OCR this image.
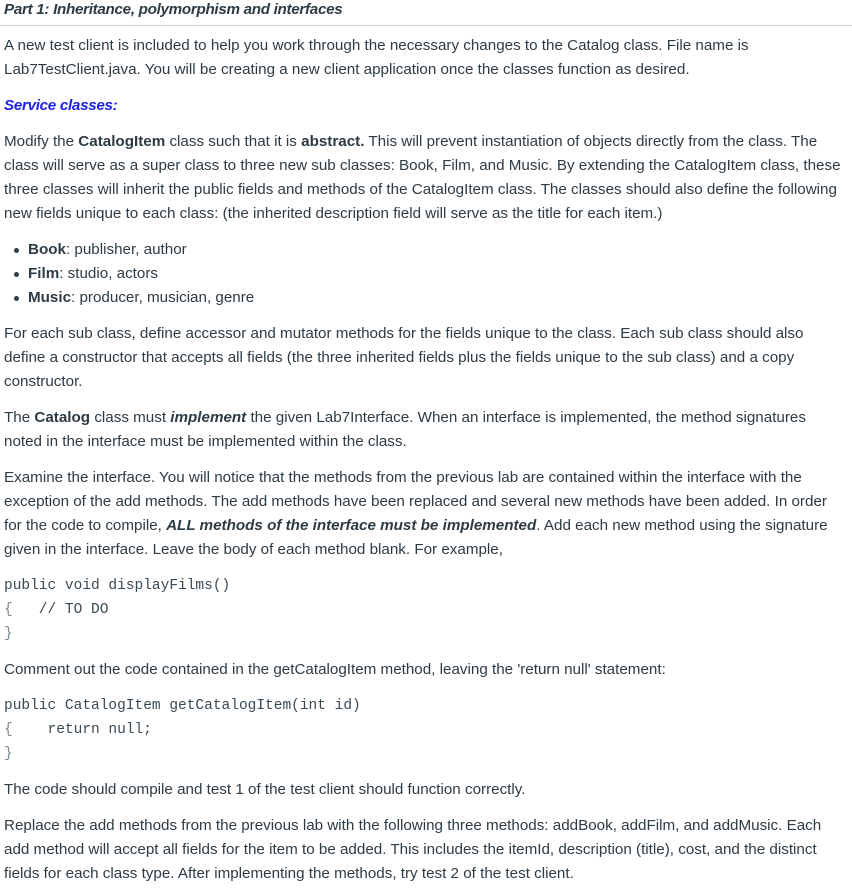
Part 1: Inheritance, polymorphism and interfaces

A new test client is included to help you work through the necessary changes to the Catalog class. File name is Lab7TestClient.java. You will be creating a new client application once the classes function as desired.

Service classes:

Modify the CatalogItem class such that it is abstract. This will prevent instantiation of objects directly from the class. The class will serve as a super class to three new sub classes: Book, Film, and Music. By extending the CatalogItem class, these three classes will inherit the public fields and methods of the CatalogItem class. The classes should also define the following new fields unique to each class: (the inherited description field will serve as the title for each item.)

Book: publisher, author
Film: studio, actors
Music: producer, musician, genre

For each sub class, define accessor and mutator methods for the fields unique to the class. Each sub class should also define a constructor that accepts all fields (the three inherited fields plus the fields unique to the sub class) and a copy constructor.

The Catalog class must implement the given Lab7Interface. When an interface is implemented, the method signatures noted in the interface must be implemented within the class.

Examine the interface. You will notice that the methods from the previous lab are contained within the interface with the exception of the add methods. The add methods have been replaced and several new methods have been added. In order for the code to compile, ALL methods of the interface must be implemented. Add each new method using the signature given in the interface. Leave the body of each method blank. For example,

public void displayFilms()
{   // TO DO
}

Comment out the code contained in the getCatalogItem method, leaving the 'return null' statement:

public CatalogItem getCatalogItem(int id)
{    return null;
}

The code should compile and test 1 of the test client should function correctly.

Replace the add methods from the previous lab with the following three methods: addBook, addFilm, and addMusic. Each add method will accept all fields for the item to be added. This includes the itemId, description (title), cost, and the distinct fields for each class type. After implementing the methods, try test 2 of the test client.
